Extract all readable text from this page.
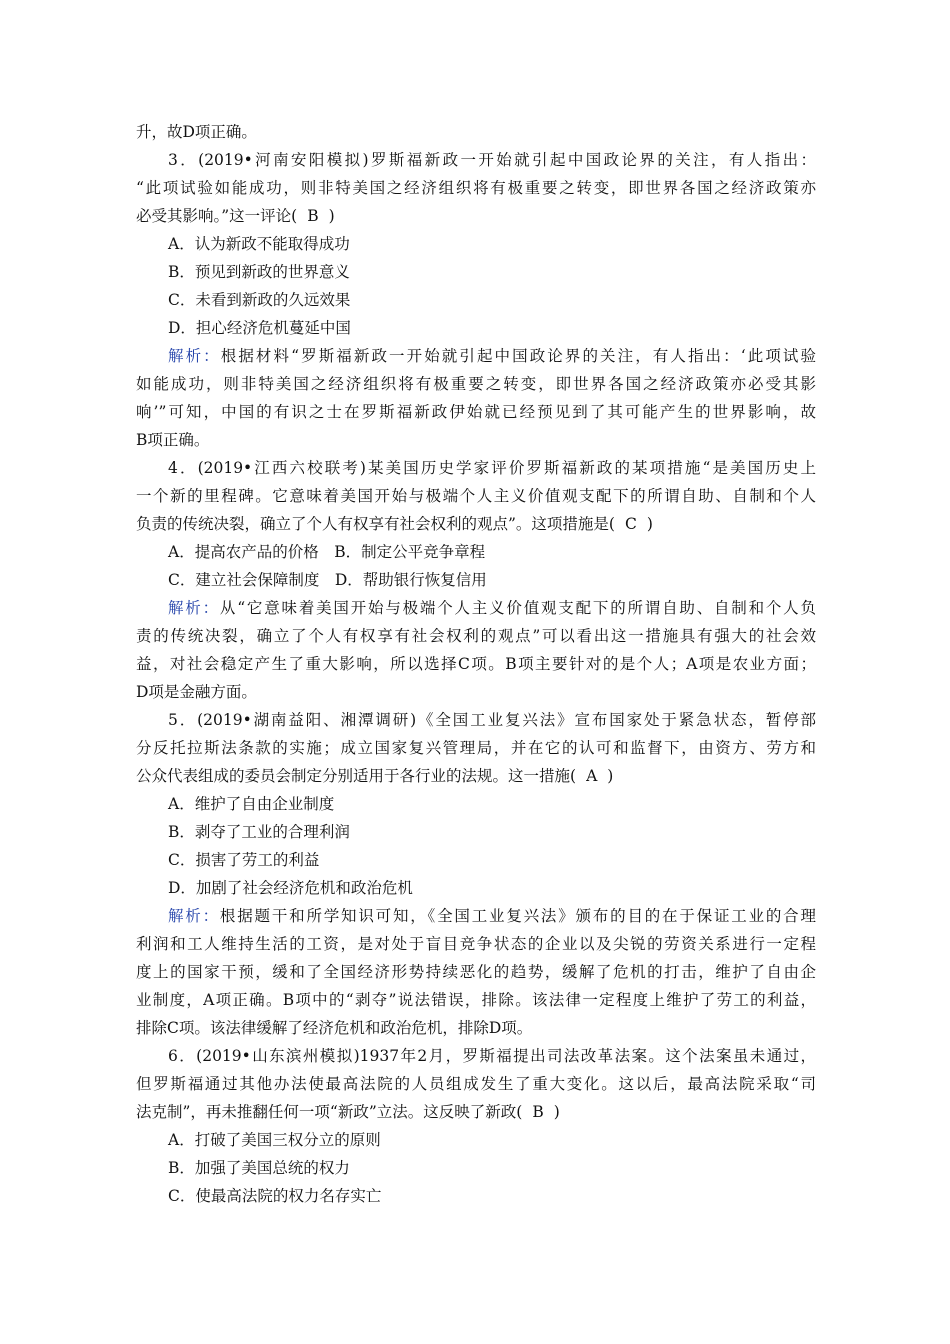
升，故D项正确。
3．(2019•河南安阳模拟)罗斯福新政一开始就引起中国政论界的关注，有人指出：
“此项试验如能成功，则非特美国之经济组织将有极重要之转变，即世界各国之经济政策亦
必受其影响。”这一评论( B )
A．认为新政不能取得成功
B．预见到新政的世界意义
C．未看到新政的久远效果
D．担心经济危机蔓延中国
解析：根据材料“罗斯福新政一开始就引起中国政论界的关注，有人指出：‘此项试验
如能成功，则非特美国之经济组织将有极重要之转变，即世界各国之经济政策亦必受其影
响’”可知，中国的有识之士在罗斯福新政伊始就已经预见到了其可能产生的世界影响，故
B项正确。
4．(2019•江西六校联考)某美国历史学家评价罗斯福新政的某项措施“是美国历史上
一个新的里程碑。它意味着美国开始与极端个人主义价值观支配下的所谓自助、自制和个人
负责的传统决裂，确立了个人有权享有社会权利的观点”。这项措施是( C )
A．提高农产品的价格　B．制定公平竞争章程
C．建立社会保障制度　D．帮助银行恢复信用
解析：从“它意味着美国开始与极端个人主义价值观支配下的所谓自助、自制和个人负
责的传统决裂，确立了个人有权享有社会权利的观点”可以看出这一措施具有强大的社会效
益，对社会稳定产生了重大影响，所以选择C项。B项主要针对的是个人；A项是农业方面；
D项是金融方面。
5．(2019•湖南益阳、湘潭调研)《全国工业复兴法》宣布国家处于紧急状态，暂停部
分反托拉斯法条款的实施；成立国家复兴管理局，并在它的认可和监督下，由资方、劳方和
公众代表组成的委员会制定分别适用于各行业的法规。这一措施( A )
A．维护了自由企业制度
B．剥夺了工业的合理利润
C．损害了劳工的利益
D．加剧了社会经济危机和政治危机
解析：根据题干和所学知识可知，《全国工业复兴法》颁布的目的在于保证工业的合理
利润和工人维持生活的工资，是对处于盲目竞争状态的企业以及尖锐的劳资关系进行一定程
度上的国家干预，缓和了全国经济形势持续恶化的趋势，缓解了危机的打击，维护了自由企
业制度，A项正确。B项中的“剥夺”说法错误，排除。该法律一定程度上维护了劳工的利益，
排除C项。该法律缓解了经济危机和政治危机，排除D项。
6．(2019•山东滨州模拟)1937年2月，罗斯福提出司法改革法案。这个法案虽未通过，
但罗斯福通过其他办法使最高法院的人员组成发生了重大变化。这以后，最高法院采取“司
法克制”，再未推翻任何一项“新政”立法。这反映了新政( B )
A．打破了美国三权分立的原则
B．加强了美国总统的权力
C．使最高法院的权力名存实亡
